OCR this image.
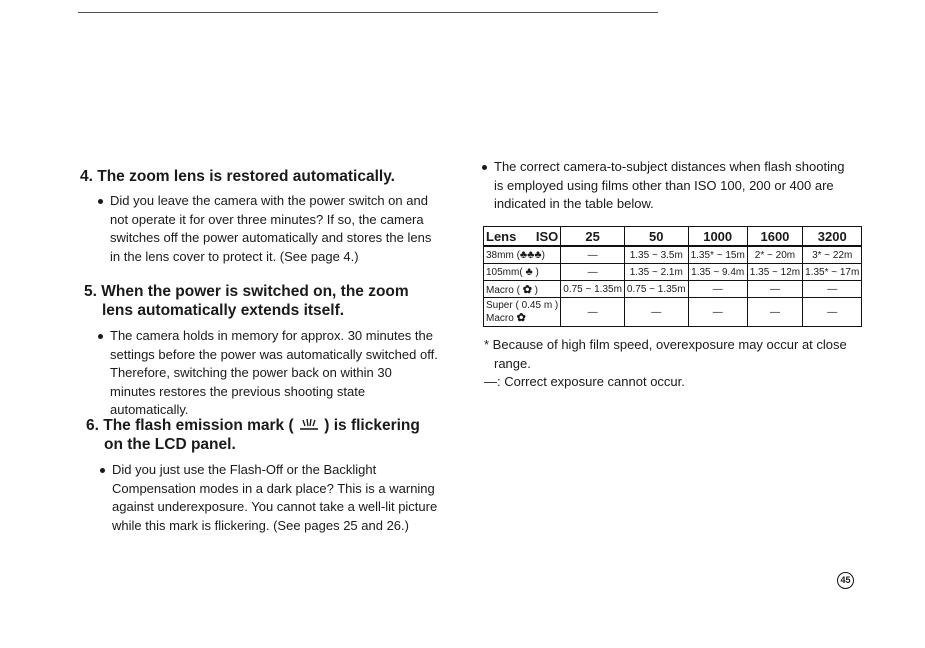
4. The zoom lens is restored automatically.
Did you leave the camera with the power switch on and not operate it for over three minutes? If so, the camera switches off the power automatically and stores the lens in the lens cover to protect it. (See page 4.)
5. When the power is switched on, the zoom
lens automatically extends itself.
The camera holds in memory for approx. 30 minutes the settings before the power was automatically switched off. Therefore, switching the power back on within 30 minutes restores the previous shooting state automatically.
6. The flash emission mark ( ) is flickering
on the LCD panel.
Did you just use the Flash-Off or the Backlight Compensation modes in a dark place? This is a warning against underexposure. You cannot take a well-lit picture while this mark is flickering. (See pages 25 and 26.)
The correct camera-to-subject distances when flash shooting is employed using films other than ISO 100, 200 or 400 are indicated in the table below.
Lens ISO	25	50	1000	1600	3200
38mm (♣♣♣)	—	1.35 ~ 3.5m	1.35* ~ 15m	2* ~ 20m	3* ~ 22m
105mm( ♣ )	—	1.35 ~ 2.1m	1.35 ~ 9.4m	1.35 ~ 12m	1.35* ~ 17m
Macro ( ✿ )	0.75 ~ 1.35m	0.75 ~ 1.35m	—	—	—
Super ( 0.45 m )
Macro ✿	—	—	—	—	—
* Because of high film speed, overexposure may occur at close range.
—: Correct exposure cannot occur.
45
